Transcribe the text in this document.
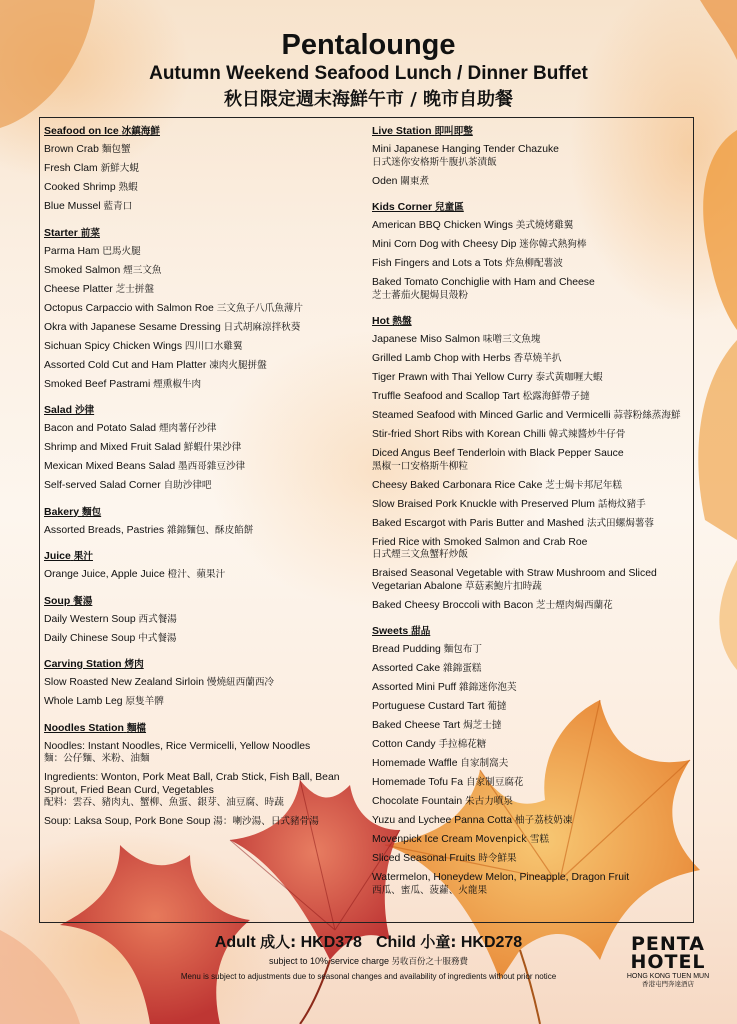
Pentalounge
Autumn Weekend Seafood Lunch / Dinner Buffet
秋日限定週末海鮮午市 / 晚市自助餐
Seafood on Ice 冰鎮海鮮
Brown Crab 麵包蟹
Fresh Clam 新鮮大蜆
Cooked Shrimp 熟蝦
Blue Mussel 藍青口
Starter 前菜
Parma Ham 巴馬火腿
Smoked Salmon 煙三文魚
Cheese Platter 芝士拼盤
Octopus Carpaccio with Salmon Roe 三文魚子八爪魚薄片
Okra with Japanese Sesame Dressing 日式胡麻涼拌秋葵
Sichuan Spicy Chicken Wings 四川口水雞翼
Assorted Cold Cut and Ham Platter 凍肉火腿拼盤
Smoked Beef Pastrami 煙熏椒牛肉
Salad 沙律
Bacon and Potato Salad 煙肉薯仔沙律
Shrimp and Mixed Fruit Salad 鮮蝦什果沙律
Mexican Mixed Beans Salad 墨西哥雜豆沙律
Self-served Salad Corner 自助沙律吧
Bakery 麵包
Assorted Breads, Pastries 雜錦麵包、酥皮餡餅
Juice 果汁
Orange Juice, Apple Juice 橙汁、蘋果汁
Soup 餐湯
Daily Western Soup 西式餐湯
Daily Chinese Soup 中式餐湯
Carving Station 烤肉
Slow Roasted New Zealand Sirloin 慢燒紐西蘭西冷
Whole Lamb Leg 原隻羊髀
Noodles Station 麵檔
Noodles: Instant Noodles, Rice Vermicelli, Yellow Noodles
麵：公仔麵、米粉、油麵
Ingredients: Wonton, Pork Meat Ball, Crab Stick, Fish Ball, Bean
Sprout, Fried Bean Curd, Vegetables
配料：雲吞、豬肉丸、蟹柳、魚蛋、銀芽、油豆腐、時蔬
Soup: Laksa Soup, Pork Bone Soup 湯：喇沙湯、日式豬骨湯
Live Station 即叫即整
Mini Japanese Hanging Tender Chazuke
日式迷你安格斯牛腹扒茶漬飯
Oden 關東煮
Kids Corner 兒童區
American BBQ Chicken Wings 美式燒烤雞翼
Mini Corn Dog with Cheesy Dip 迷你韓式熱狗棒
Fish Fingers and Lots a Tots 炸魚柳配薯波
Baked Tomato Conchiglie with Ham and Cheese
芝士蕃茄火腿焗貝殼粉
Hot 熱盤
Japanese Miso Salmon 味噌三文魚塊
Grilled Lamb Chop with Herbs 香草燒羊扒
Tiger Prawn with Thai Yellow Curry 泰式黃咖喱大蝦
Truffle Seafood and Scallop Tart 松露海鮮帶子撻
Steamed Seafood with Minced Garlic and Vermicelli 蒜蓉粉絲蒸海鮮
Stir-fried Short Ribs with Korean Chilli 韓式辣醬炒牛仔骨
Diced Angus Beef Tenderloin with Black Pepper Sauce
黑椒一口安格斯牛柳粒
Cheesy Baked Carbonara Rice Cake 芝士焗卡邦尼年糕
Slow Braised Pork Knuckle with Preserved Plum 話梅炆豬手
Baked Escargot with Paris Butter and Mashed 法式田螺焗薯蓉
Fried Rice with Smoked Salmon and Crab Roe
日式煙三文魚蟹籽炒飯
Braised Seasonal Vegetable with Straw Mushroom and Sliced
Vegetarian Abalone 草菇素鮑片扣時蔬
Baked Cheesy Broccoli with Bacon 芝士煙肉焗西蘭花
Sweets 甜品
Bread Pudding 麵包布丁
Assorted Cake 雜錦蛋糕
Assorted Mini Puff 雜錦迷你泡芙
Portuguese Custard Tart 葡撻
Baked Cheese Tart 焗芝士撻
Cotton Candy 手拉棉花糖
Homemade Waffle 自家制窩夫
Homemade Tofu Fa 自家制豆腐花
Chocolate Fountain 朱古力噴泉
Yuzu and Lychee Panna Cotta 柚子荔枝奶凍
Movenpick Ice Cream Movenpick 雪糕
Sliced Seasonal Fruits 時令鮮果
Watermelon, Honeydew Melon, Pineapple, Dragon Fruit
西瓜、蜜瓜、菠蘿、火龍果
Adult 成人: HKD378 Child 小童: HKD278
subject to 10% service charge 另收百份之十服務費
Menu is subject to adjustments due to seasonal changes and availability of ingredients without prior notice
PENTA
HOTEL
HONG KONG TUEN MUN
香港屯門奔達酒店
